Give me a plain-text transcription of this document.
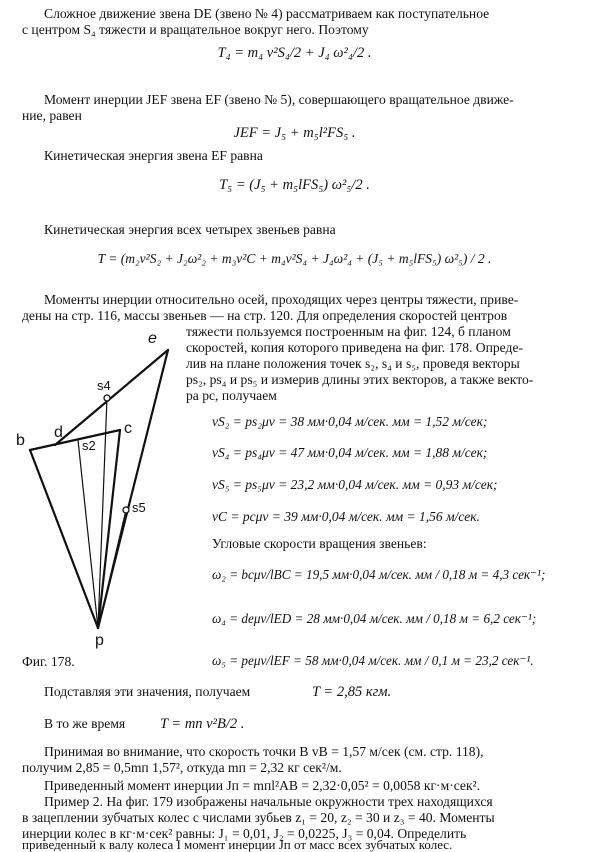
Сложное движение звена DE (звено № 4) рассматриваем как поступательное
с центром S₄ тяжести и вращательное вокруг него. Поэтому
T₄ = m₄ v²S₄/2 + J₄ ω²₄/2 .
Момент инерции JEF звена EF (звено № 5), совершающего вращательное движе-
ние, равен
JEF = J₅ + m₅l²FS₅ .
Кинетическая энергия звена EF равна
T₅ = (J₅ + m₅lFS₅) ω²₅/2 .
Кинетическая энергия всех четырех звеньев равна
T = (m₂v²S₂ + J₂ω²₂ + m₃v²C + m₄v²S₄ + J₄ω²₄ + (J₅ + m₅lFS₅) ω²₅) / 2 .
Моменты инерции относительно осей, проходящих через центры тяжести, приве-
дены на стр. 116, массы звеньев — на стр. 120. Для определения скоростей центров
тяжести пользуемся построенным на фиг. 124, б планом
скоростей, копия которого приведена на фиг. 178. Опреде-
лив на плане положения точек s₂, s₄ и s₅, проведя векторы
ps₂, ps₄ и ps₅ и измерив длины этих векторов, а также векто-
ра pc, получаем
vS₂ = ps₂μv = 38 мм·0,04 м/сек. мм = 1,52 м/сек;
vS₄ = ps₄μv = 47 мм·0,04 м/сек. мм = 1,88 м/сек;
vS₅ = ps₅μv = 23,2 мм·0,04 м/сек. мм = 0,93 м/сек;
vC = pcμv = 39 мм·0,04 м/сек. мм = 1,56 м/сек.
Угловые скорости вращения звеньев:
ω₂ = bcμv/lBC = 19,5 мм·0,04 м/сек. мм / 0,18 м = 4,3 сек⁻¹;
ω₄ = deμv/lED = 28 мм·0,04 м/сек. мм / 0,18 м = 6,2 сек⁻¹;
ω₅ = peμv/lEF = 58 мм·0,04 м/сек. мм / 0,1 м = 23,2 сек⁻¹.
e
s4
b d	c
s2
s5
p
Фиг. 178.
Подставляя эти значения, получаем	T = 2,85 кгм.
В то же время T = mп v²B/2 .
Принимая во внимание, что скорость точки B vB = 1,57 м/сек (см. стр. 118),
получим 2,85 = 0,5mп 1,57², откуда mп = 2,32 кг сек²/м.
Приведенный момент инерции Jп = mпl²AB = 2,32·0,05² = 0,0058 кг·м·сек².
Пример 2. На фиг. 179 изображены начальные окружности трех находящихся
в зацеплении зубчатых колес с числами зубьев z₁ = 20, z₂ = 30 и z₃ = 40. Моменты
инерции колес в кг·м·сек² равны: J₁ = 0,01, J₂ = 0,0225, J₃ = 0,04. Определить
приведенный к валу колеса I момент инерции Jп от масс всех зубчатых колес.
